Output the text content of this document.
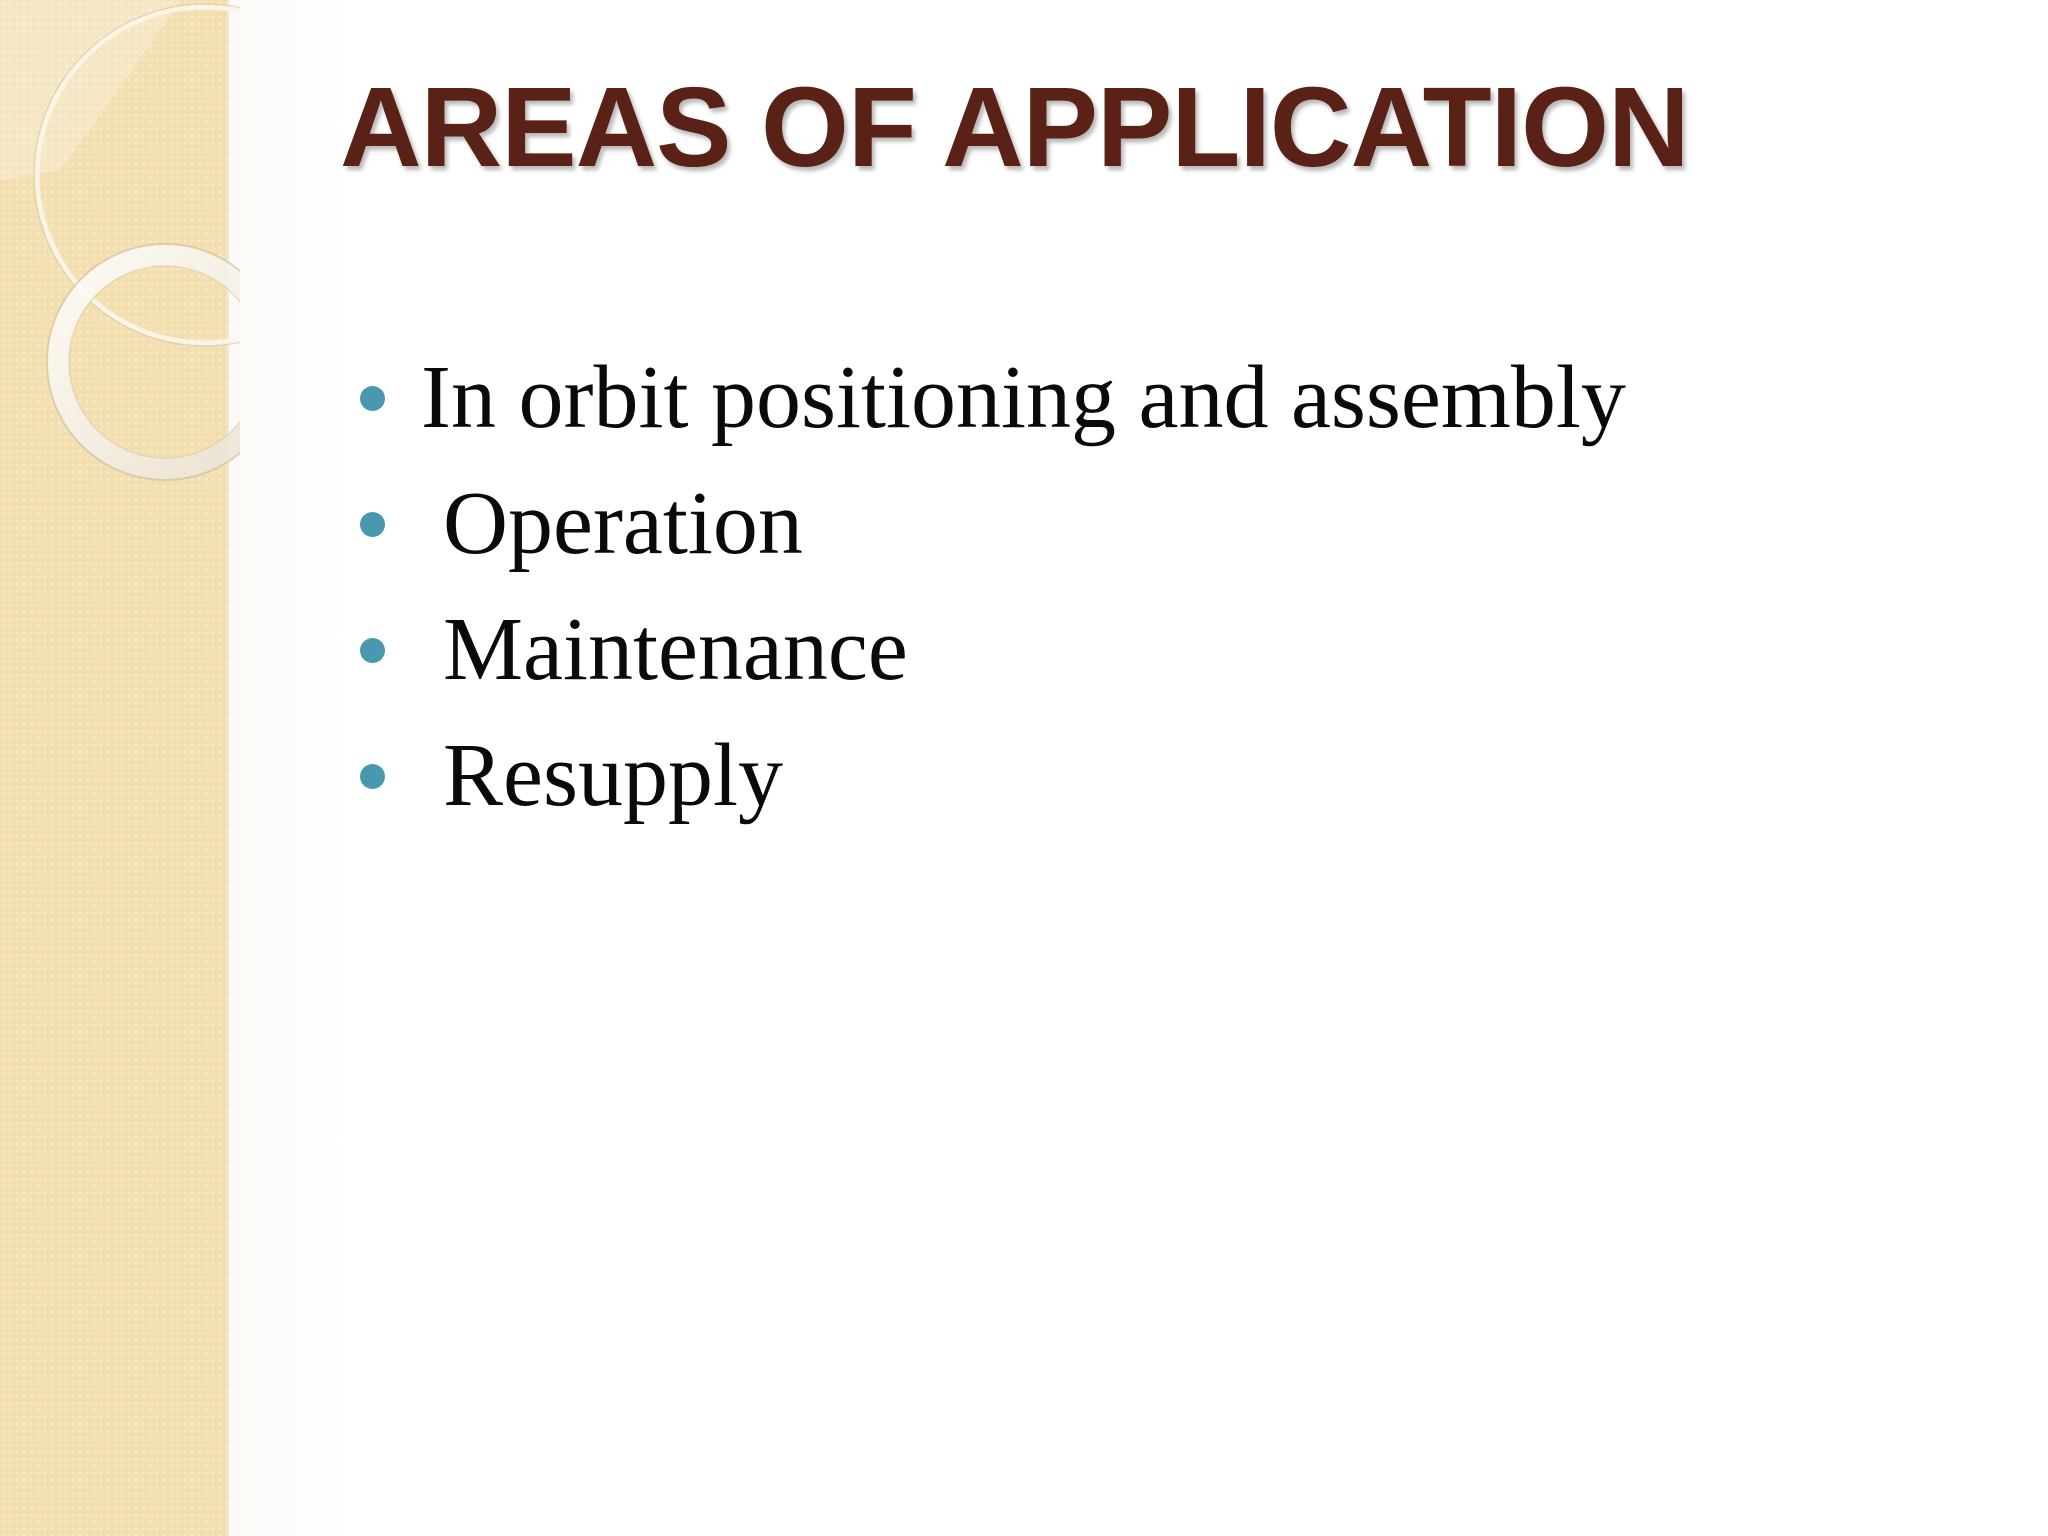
AREAS OF APPLICATION
In orbit positioning and assembly
Operation
Maintenance
Resupply
